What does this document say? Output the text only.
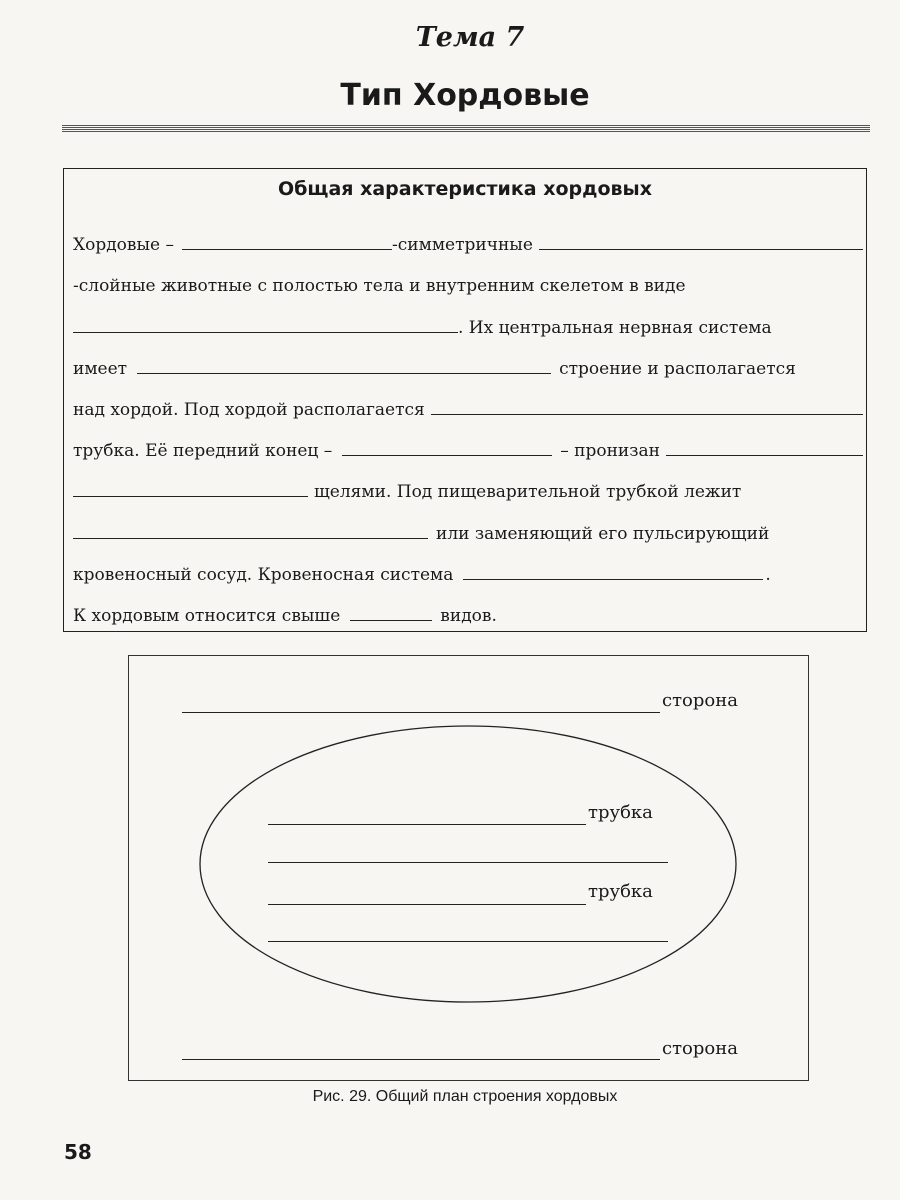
Тема 7
Тип Хордовые
Общая характеристика хордовых
Хордовые –	-симметричные
-слойные животные с полостью тела и внутренним скелетом в виде
. Их центральная нервная система
имеет	строение и располагается
над хордой. Под хордой располагается
трубка. Её передний конец –	– пронизан
щелями. Под пищеварительной трубкой лежит
или заменяющий его пульсирующий
кровеносный сосуд. Кровеносная система	.
К хордовым относится свыше	видов.
сторона
трубка
трубка
сторона
Рис. 29. Общий план строения хордовых
58
